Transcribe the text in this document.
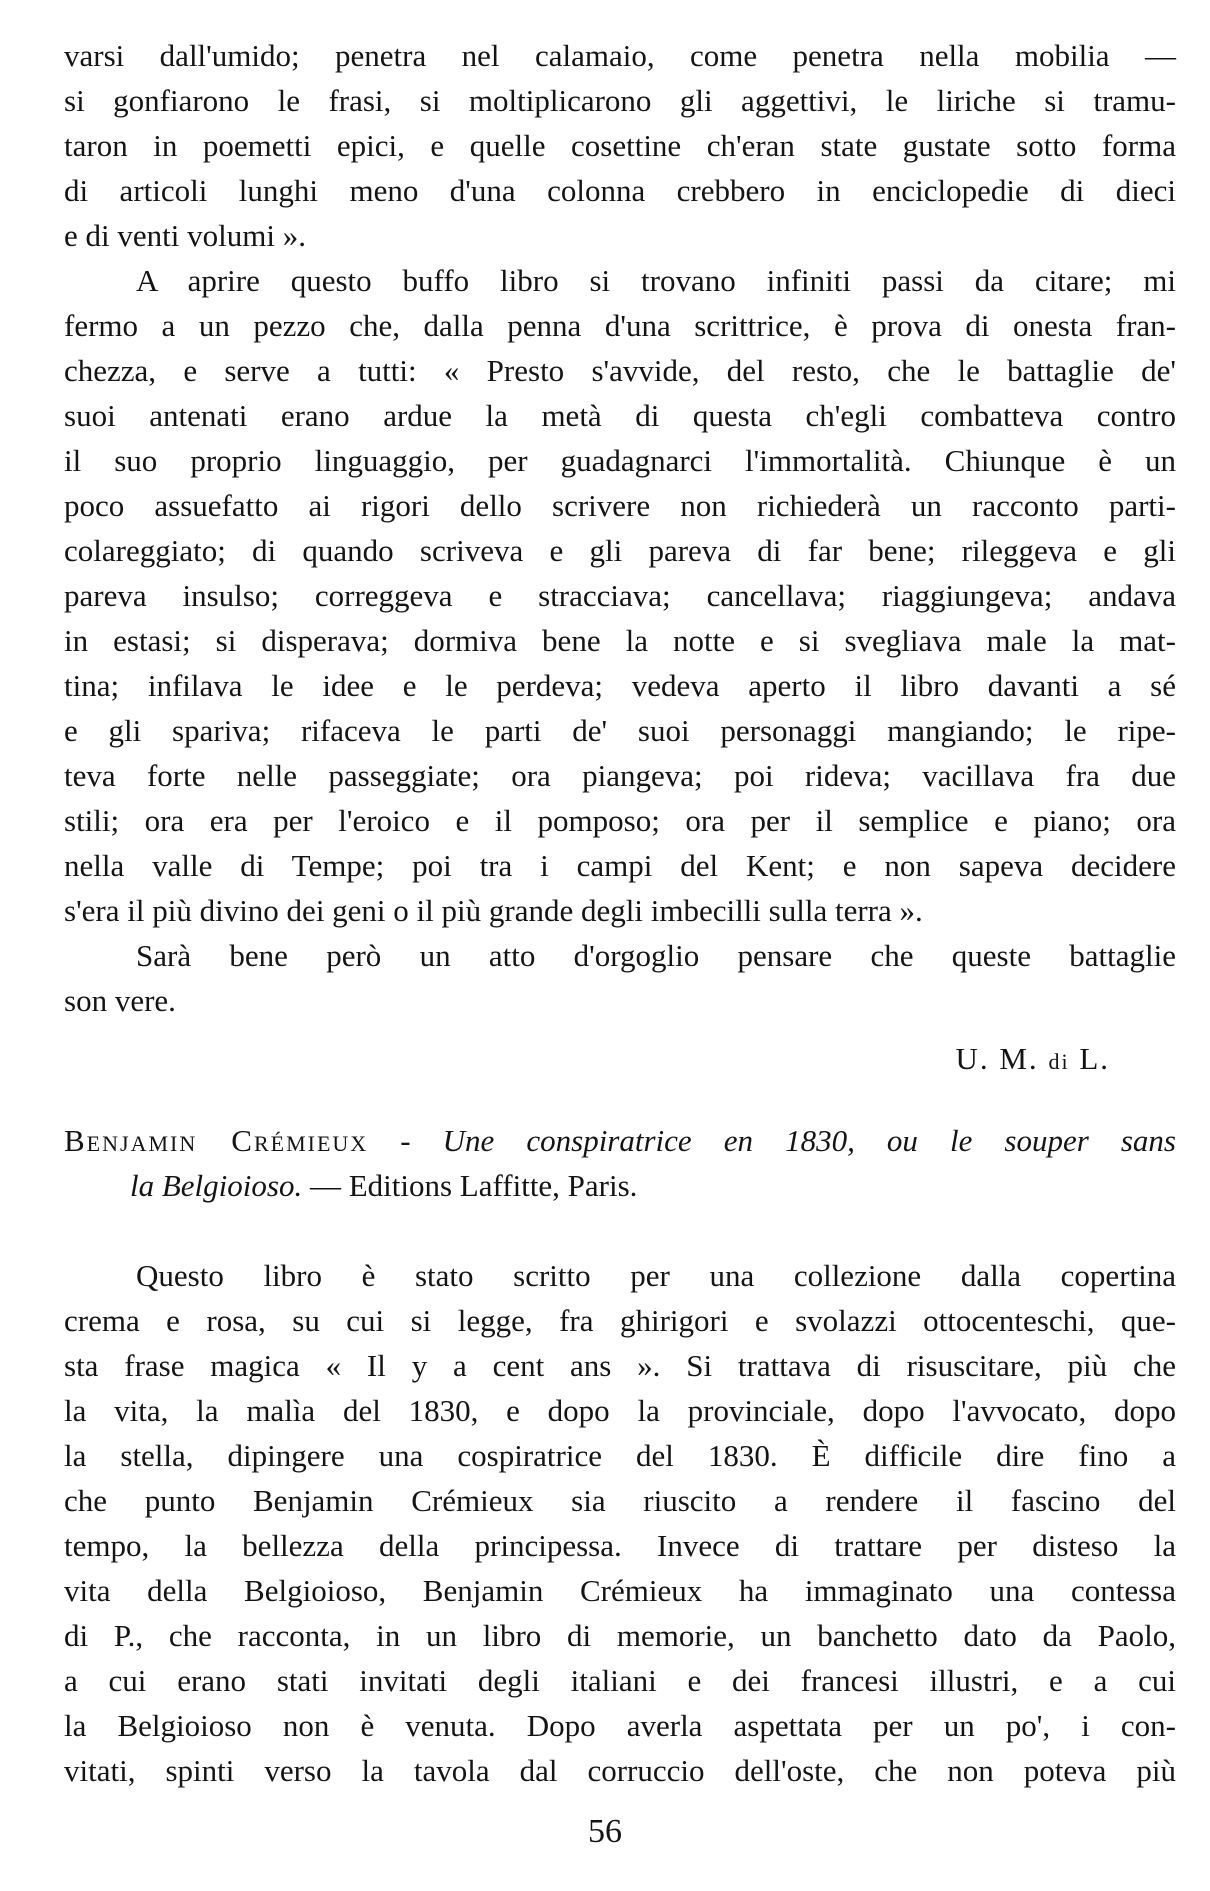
varsi dall'umido; penetra nel calamaio, come penetra nella mobilia —
si gonfiarono le frasi, si moltiplicarono gli aggettivi, le liriche si tramu-
taron in poemetti epici, e quelle cosettine ch'eran state gustate sotto forma
di articoli lunghi meno d'una colonna crebbero in enciclopedie di dieci
e di venti volumi ».
A aprire questo buffo libro si trovano infiniti passi da citare; mi
fermo a un pezzo che, dalla penna d'una scrittrice, è prova di onesta fran-
chezza, e serve a tutti: « Presto s'avvide, del resto, che le battaglie de'
suoi antenati erano ardue la metà di questa ch'egli combatteva contro
il suo proprio linguaggio, per guadagnarci l'immortalità. Chiunque è un
poco assuefatto ai rigori dello scrivere non richiederà un racconto parti-
colareggiato; di quando scriveva e gli pareva di far bene; rileggeva e gli
pareva insulso; correggeva e stracciava; cancellava; riaggiungeva; andava
in estasi; si disperava; dormiva bene la notte e si svegliava male la mat-
tina; infilava le idee e le perdeva; vedeva aperto il libro davanti a sé
e gli spariva; rifaceva le parti de' suoi personaggi mangiando; le ripe-
teva forte nelle passeggiate; ora piangeva; poi rideva; vacillava fra due
stili; ora era per l'eroico e il pomposo; ora per il semplice e piano; ora
nella valle di Tempe; poi tra i campi del Kent; e non sapeva decidere
s'era il più divino dei geni o il più grande degli imbecilli sulla terra ».
Sarà bene però un atto d'orgoglio pensare che queste battaglie
son vere.
U. M. di L.
Benjamin Crémieux - Une conspiratrice en 1830, ou le souper sans
la Belgioioso. — Editions Laffitte, Paris.
Questo libro è stato scritto per una collezione dalla copertina
crema e rosa, su cui si legge, fra ghirigori e svolazzi ottocenteschi, que-
sta frase magica « Il y a cent ans ». Si trattava di risuscitare, più che
la vita, la malìa del 1830, e dopo la provinciale, dopo l'avvocato, dopo
la stella, dipingere una cospiratrice del 1830. È difficile dire fino a
che punto Benjamin Crémieux sia riuscito a rendere il fascino del
tempo, la bellezza della principessa. Invece di trattare per disteso la
vita della Belgioioso, Benjamin Crémieux ha immaginato una contessa
di P., che racconta, in un libro di memorie, un banchetto dato da Paolo,
a cui erano stati invitati degli italiani e dei francesi illustri, e a cui
la Belgioioso non è venuta. Dopo averla aspettata per un po', i con-
vitati, spinti verso la tavola dal corruccio dell'oste, che non poteva più
56
